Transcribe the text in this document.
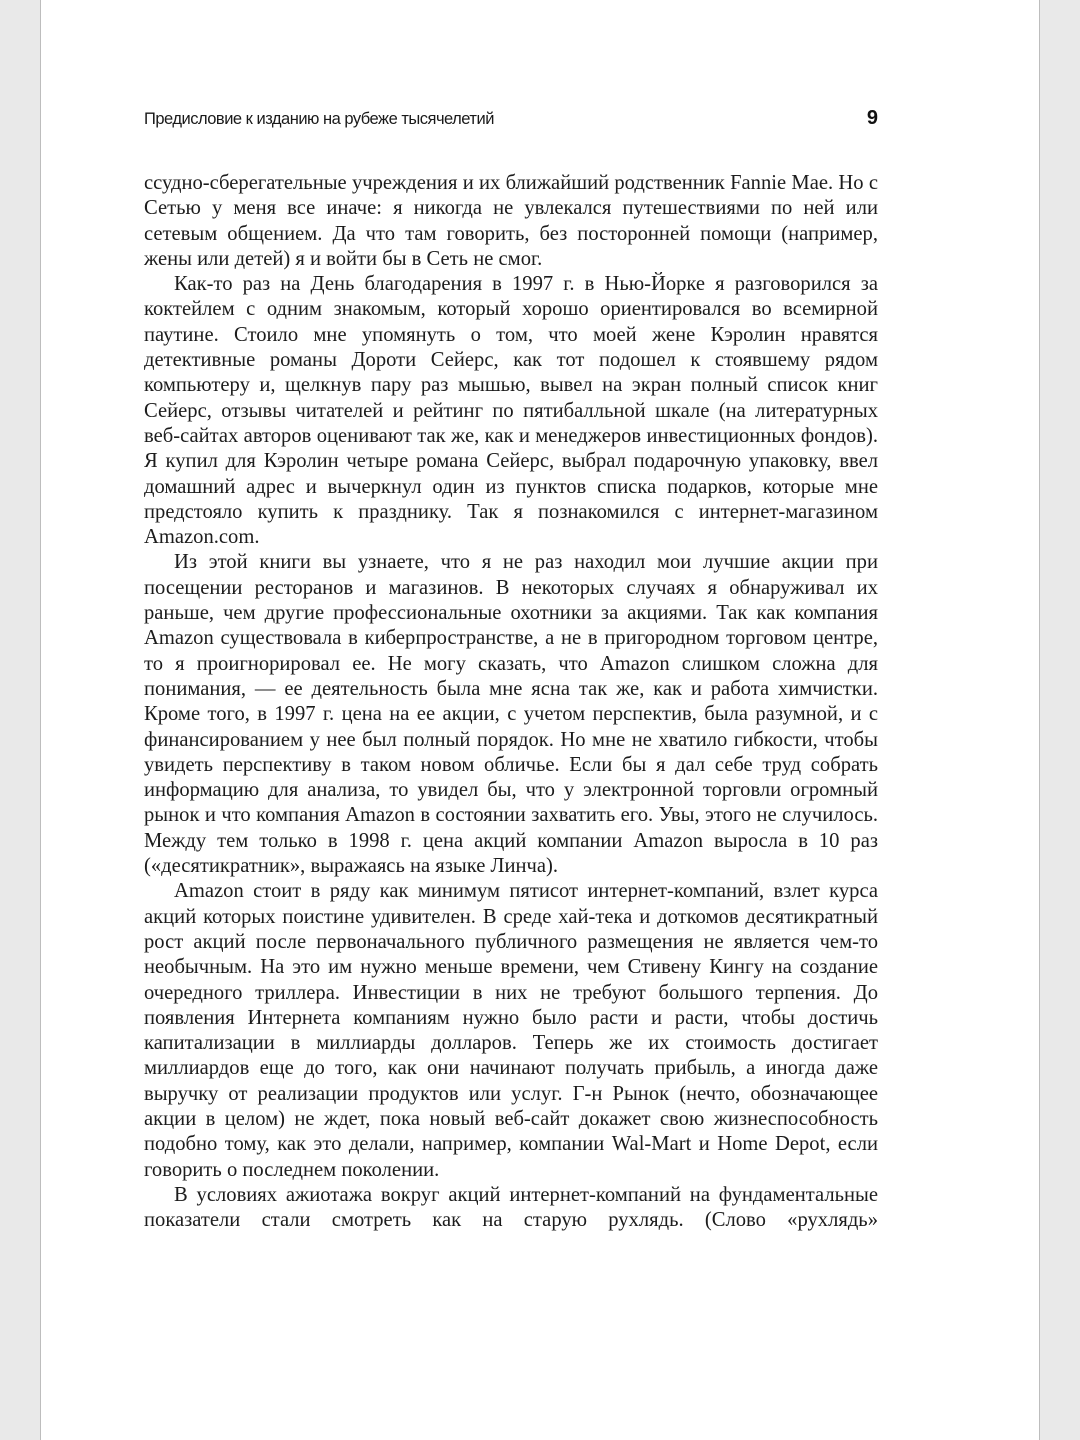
Предисловие к изданию на рубеже тысячелетий	9

ссудно-сберегательные учреждения и их ближайший родственник Fannie Mae. Но с Сетью у меня все иначе: я никогда не увлекался путешествиями по ней или сетевым общением. Да что там говорить, без посторонней помощи (например, жены или детей) я и войти бы в Сеть не смог.

Как-то раз на День благодарения в 1997 г. в Нью-Йорке я разговорился за коктейлем с одним знакомым, который хорошо ориентировался во всемирной паутине. Стоило мне упомянуть о том, что моей жене Кэролин нравятся детективные романы Дороти Сейерс, как тот подошел к стоявшему рядом компьютеру и, щелкнув пару раз мышью, вывел на экран полный список книг Сейерс, отзывы читателей и рейтинг по пятибалльной шкале (на литературных веб-сайтах авторов оценивают так же, как и менеджеров инвестиционных фондов). Я купил для Кэролин четыре романа Сейерс, выбрал подарочную упаковку, ввел домашний адрес и вычеркнул один из пунктов списка подарков, которые мне предстояло купить к празднику. Так я познакомился с интернет-магазином Amazon.com.

Из этой книги вы узнаете, что я не раз находил мои лучшие акции при посещении ресторанов и магазинов. В некоторых случаях я обнаруживал их раньше, чем другие профессиональные охотники за акциями. Так как компания Amazon существовала в киберпространстве, а не в пригородном торговом центре, то я проигнорировал ее. Не могу сказать, что Amazon слишком сложна для понимания, — ее деятельность была мне ясна так же, как и работа химчистки. Кроме того, в 1997 г. цена на ее акции, с учетом перспектив, была разумной, и с финансированием у нее был полный порядок. Но мне не хватило гибкости, чтобы увидеть перспективу в таком новом обличье. Если бы я дал себе труд собрать информацию для анализа, то увидел бы, что у электронной торговли огромный рынок и что компания Amazon в состоянии захватить его. Увы, этого не случилось. Между тем только в 1998 г. цена акций компании Amazon выросла в 10 раз («десятикратник», выражаясь на языке Линча).

Amazon стоит в ряду как минимум пятисот интернет-компаний, взлет курса акций которых поистине удивителен. В среде хай-тека и доткомов десятикратный рост акций после первоначального публичного размещения не является чем-то необычным. На это им нужно меньше времени, чем Стивену Кингу на создание очередного триллера. Инвестиции в них не требуют большого терпения. До появления Интернета компаниям нужно было расти и расти, чтобы достичь капитализации в миллиарды долларов. Теперь же их стоимость достигает миллиардов еще до того, как они начинают получать прибыль, а иногда даже выручку от реализации продуктов или услуг. Г-н Рынок (нечто, обозначающее акции в целом) не ждет, пока новый веб-сайт докажет свою жизнеспособность подобно тому, как это делали, например, компании Wal-Mart и Home Depot, если говорить о последнем поколении.

В условиях ажиотажа вокруг акций интернет-компаний на фундаментальные показатели стали смотреть как на старую рухлядь. (Слово «рухлядь»
